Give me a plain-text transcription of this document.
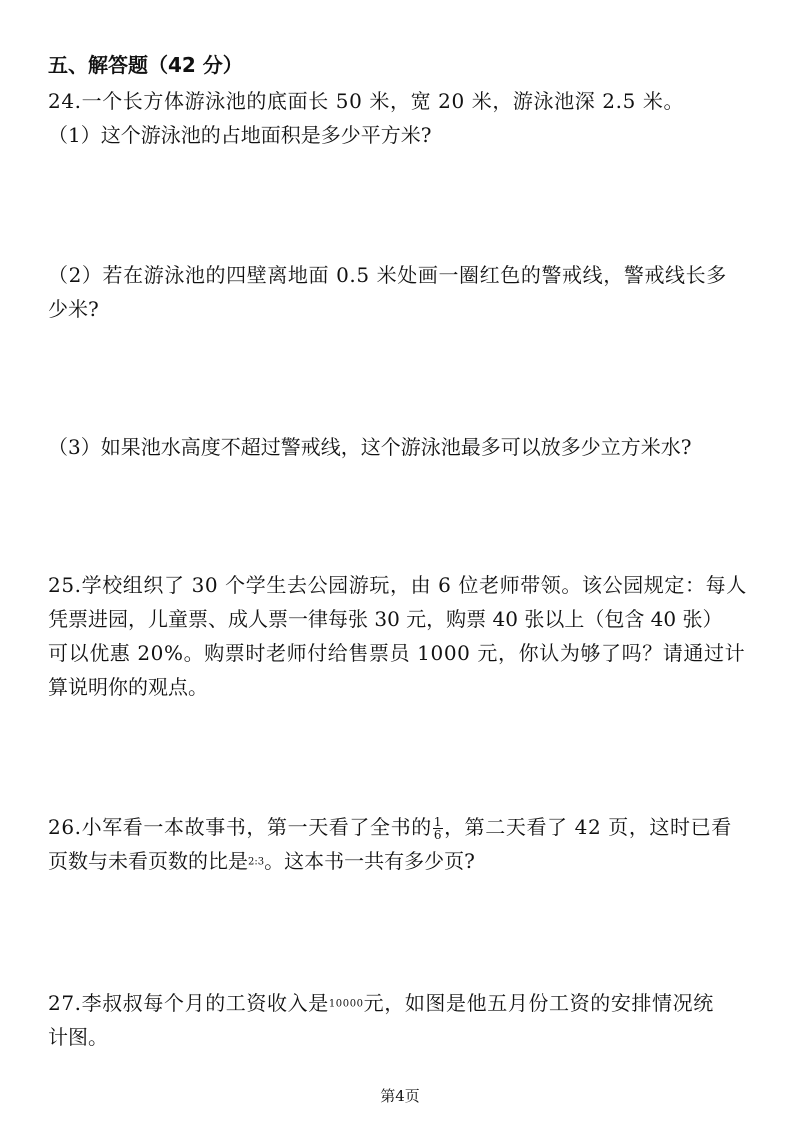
五、解答题（42 分）
24.一个长方体游泳池的底面长 50 米，宽 20 米，游泳池深 2.5 米。
（1）这个游泳池的占地面积是多少平方米?
（2）若在游泳池的四壁离地面 0.5 米处画一圈红色的警戒线，警戒线长多
少米?
（3）如果池水高度不超过警戒线，这个游泳池最多可以放多少立方米水?
25.学校组织了 30 个学生去公园游玩，由 6 位老师带领。该公园规定：每人
凭票进园，儿童票、成人票一律每张 30 元，购票 40 张以上（包含 40 张）
可以优惠 20%。购票时老师付给售票员 1000 元，你认为够了吗？请通过计
算说明你的观点。
26.小军看一本故事书，第一天看了全书的 $\frac{1}{6}$ ，第二天看了 42 页，这时已看
页数与未看页数的比是2:3。这本书一共有多少页?
27.李叔叔每个月的工资收入是10000元，如图是他五月份工资的安排情况统
计图。
第4页
